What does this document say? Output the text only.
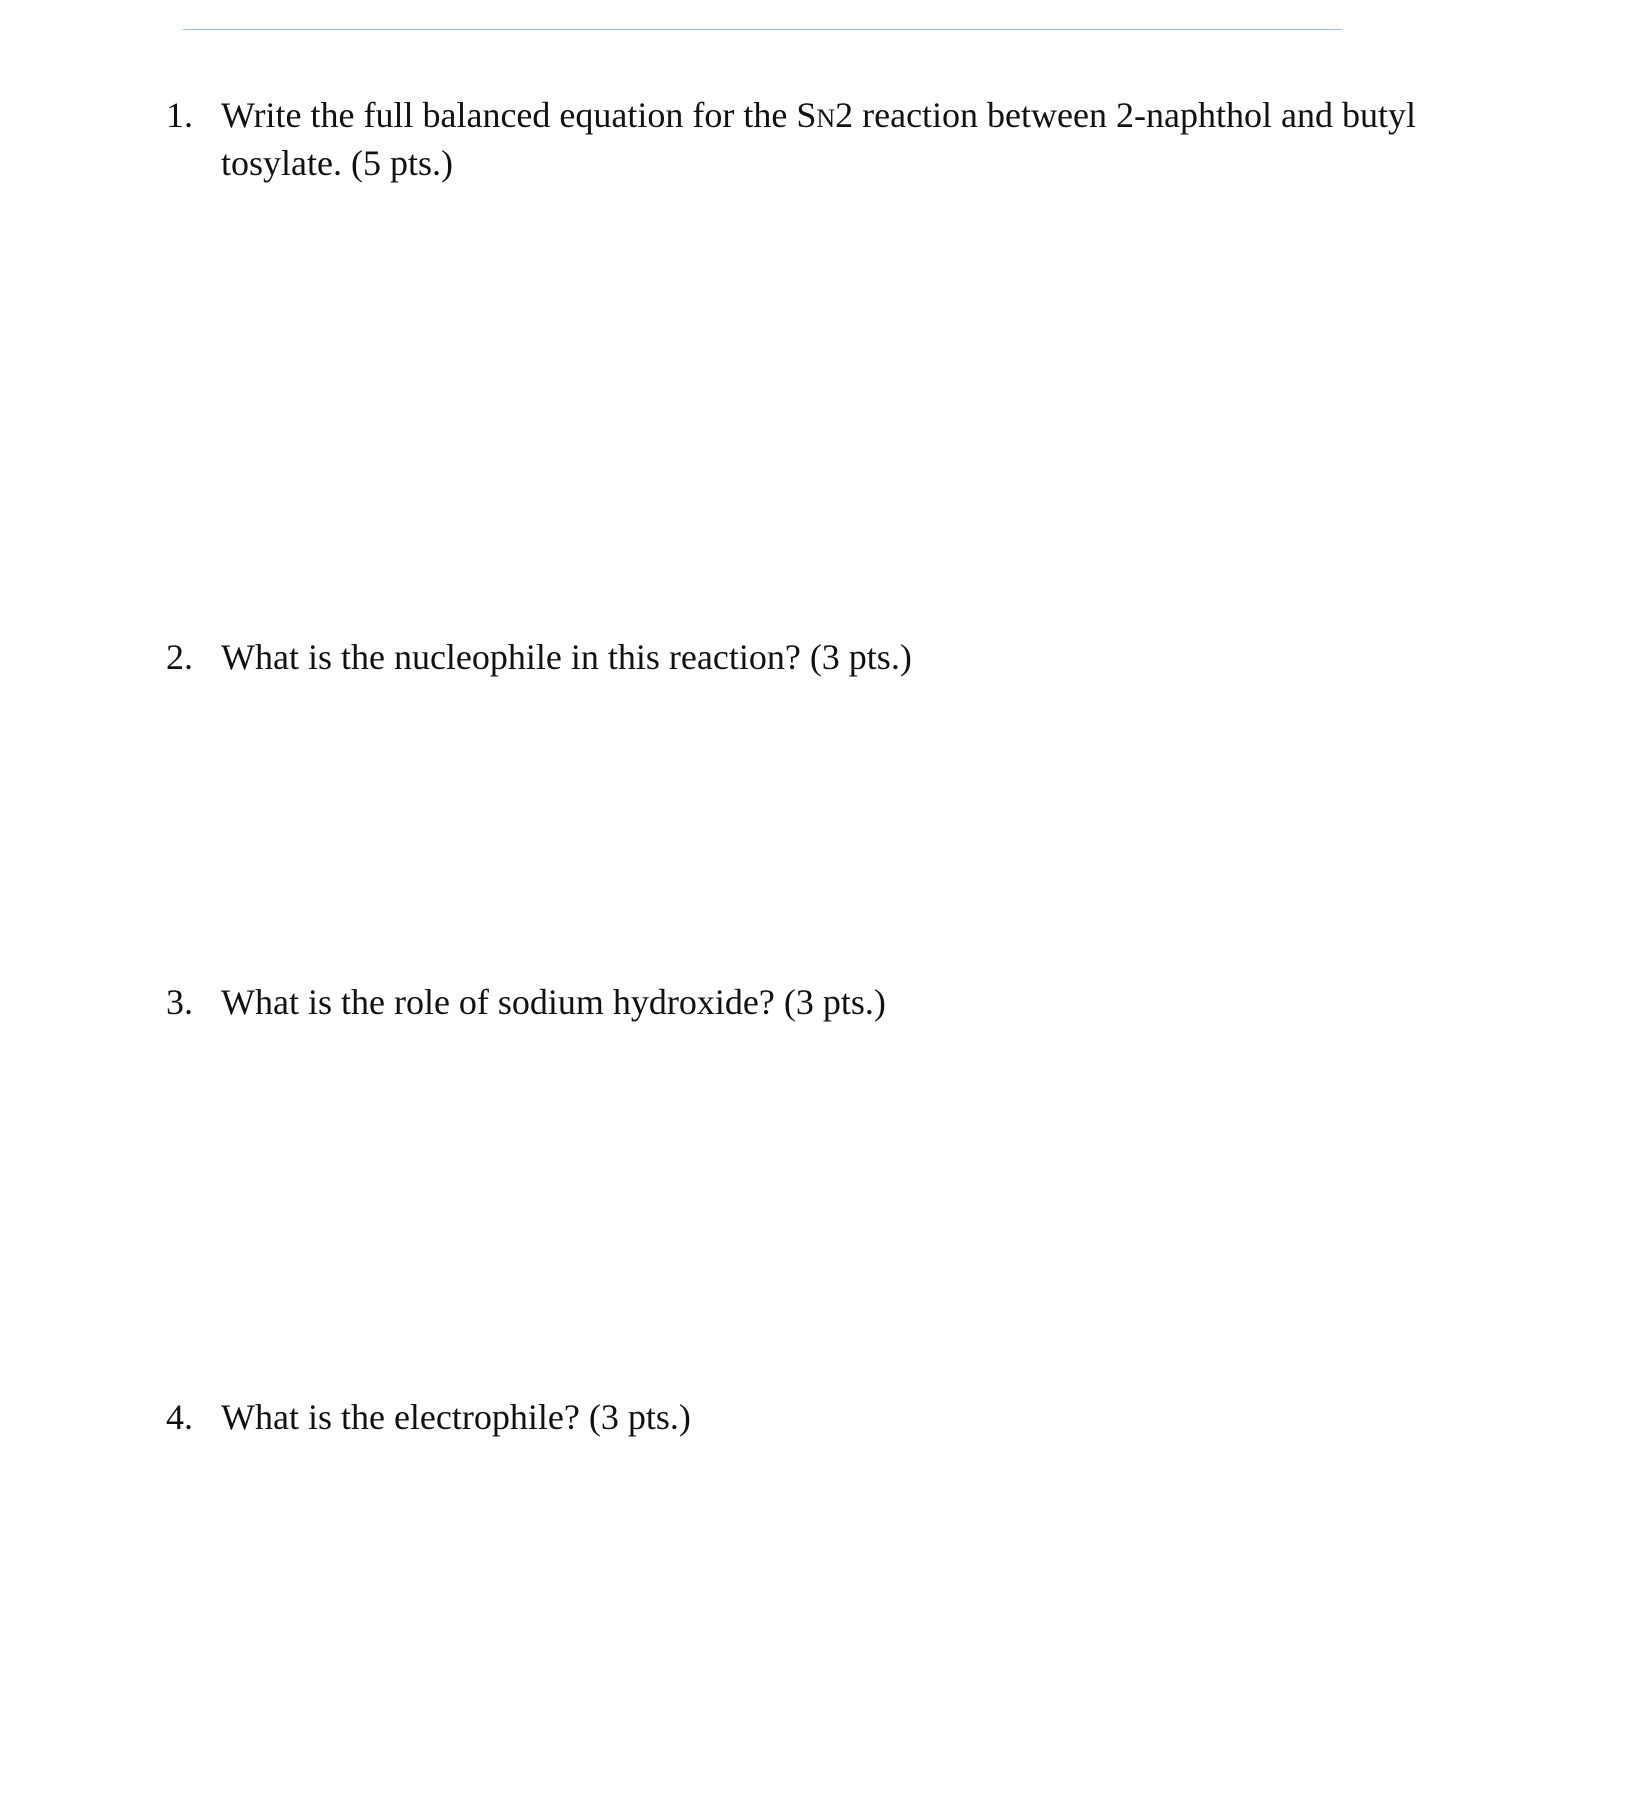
1. Write the full balanced equation for the SN2 reaction between 2-naphthol and butyl tosylate. (5 pts.)
2. What is the nucleophile in this reaction? (3 pts.)
3. What is the role of sodium hydroxide? (3 pts.)
4. What is the electrophile? (3 pts.)
